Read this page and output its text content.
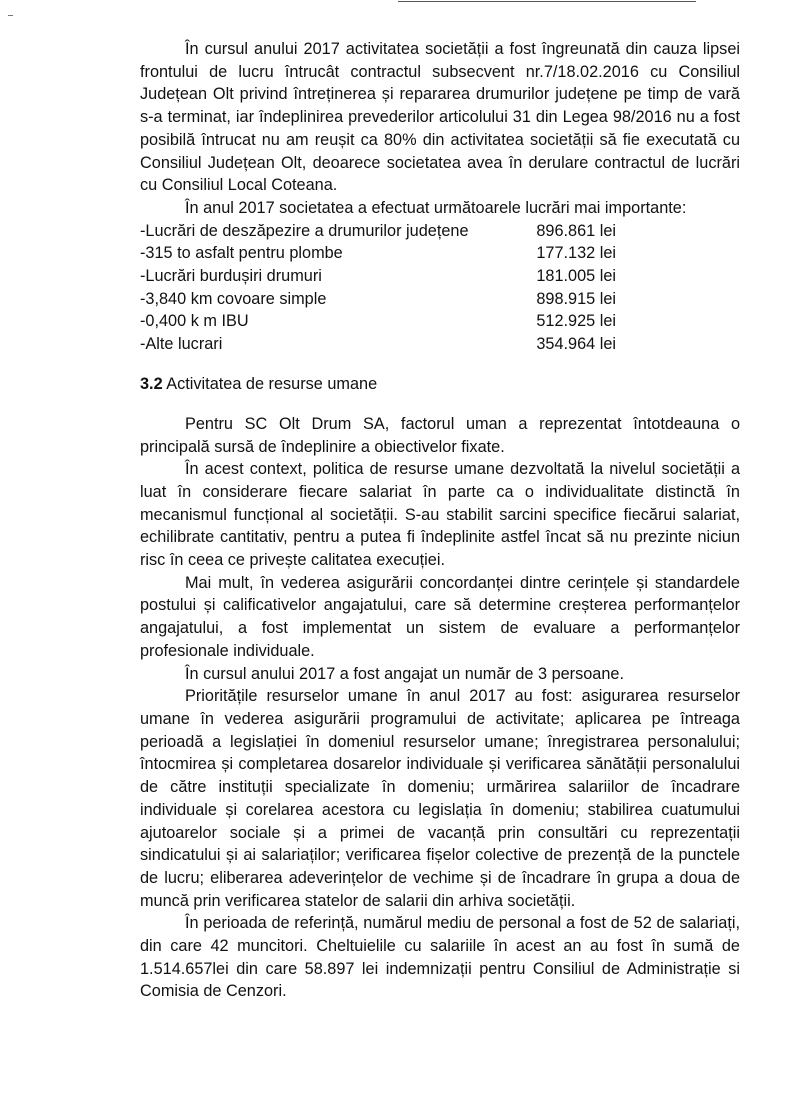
În cursul anului 2017 activitatea societății a fost îngreunată din cauza lipsei frontului de lucru întrucât contractul subsecvent nr.7/18.02.2016 cu Consiliul Județean Olt privind întreținerea și repararea drumurilor județene pe timp de vară s-a terminat, iar îndeplinirea prevederilor articolului 31 din Legea 98/2016 nu a fost posibilă întrucat nu am reușit ca 80% din activitatea societății să fie executată cu Consiliul Județean Olt, deoarece societatea avea în derulare contractul de lucrări cu Consiliul Local Coteana.

În anul 2017 societatea a efectuat următoarele lucrări mai importante:

-Lucrări de deszăpezire a drumurilor județene	896.861 lei
-315 to asfalt pentru plombe	177.132 lei
-Lucrări burdușiri drumuri	181.005 lei
-3,840 km covoare simple	898.915 lei
-0,400 k m IBU	512.925 lei
-Alte lucrari	354.964 lei
3.2 Activitatea de resurse umane

Pentru SC Olt Drum SA, factorul uman a reprezentat întotdeauna o principală sursă de îndeplinire a obiectivelor fixate.

În acest context, politica de resurse umane dezvoltată la nivelul societății a luat în considerare fiecare salariat în parte ca o individualitate distinctă în mecanismul funcțional al societății. S-au stabilit sarcini specifice fiecărui salariat, echilibrate cantitativ, pentru a putea fi îndeplinite astfel încat să nu prezinte niciun risc în ceea ce privește calitatea execuției.

Mai mult, în vederea asigurării concordanței dintre cerințele și standardele postului și calificativelor angajatului, care să determine creșterea performanțelor angajatului, a fost implementat un sistem de evaluare a performanțelor profesionale individuale.

În cursul anului 2017 a fost angajat un număr de 3 persoane.

Prioritățile resurselor umane în anul 2017 au fost: asigurarea resurselor umane în vederea asigurării programului de activitate; aplicarea pe întreaga perioadă a legislației în domeniul resurselor umane; înregistrarea personalului; întocmirea și completarea dosarelor individuale și verificarea sănătății personalului de către instituții specializate în domeniu; urmărirea salariilor de încadrare individuale și corelarea acestora cu legislația în domeniu; stabilirea cuatumului ajutoarelor sociale și a primei de vacanță prin consultări cu reprezentații sindicatului și ai salariaților; verificarea fișelor colective de prezență de la punctele de lucru; eliberarea adeverințelor de vechime și de încadrare în grupa a doua de muncă prin verificarea statelor de salarii din arhiva societății.

În perioada de referință, numărul mediu de personal a fost de 52 de salariați, din care 42 muncitori. Cheltuielile cu salariile în acest an au fost în sumă de 1.514.657lei din care 58.897 lei indemnizații pentru Consiliul de Administrație si Comisia de Cenzori.
